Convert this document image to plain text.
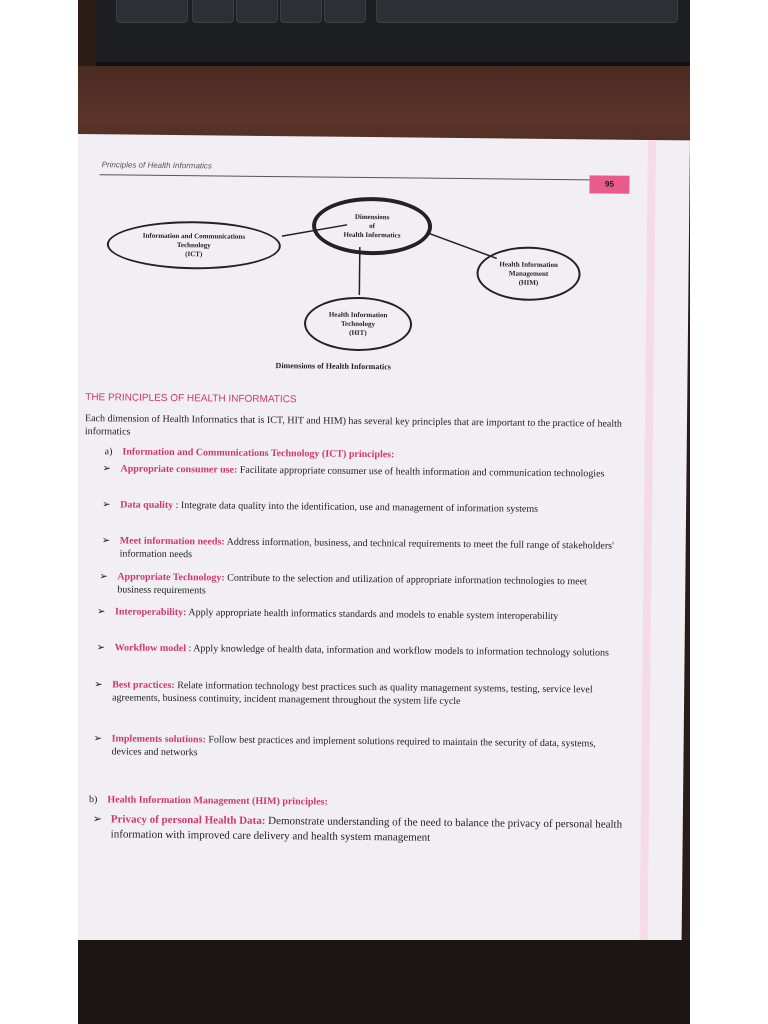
Principles of Health Informatics
95
Dimensions
of
Health Informatics
Information and Communications
Technology
(ICT)
Health Information
Management
(HIM)
Health Information
Technology
(HIT)
Dimensions of Health Informatics
THE PRINCIPLES OF HEALTH INFORMATICS
Each dimension of Health Informatics that is ICT, HIT and HIM) has several key principles that are important to the practice of health informatics
a) Information and Communications Technology (ICT) principles:
➢ Appropriate consumer use: Facilitate appropriate consumer use of health information and communication technologies
➢ Data quality : Integrate data quality into the identification, use and management of information systems
➢ Meet information needs: Address information, business, and technical requirements to meet the full range of stakeholders' information needs
➢ Appropriate Technology: Contribute to the selection and utilization of appropriate information technologies to meet business requirements
➢ Interoperability: Apply appropriate health informatics standards and models to enable system interoperability
➢ Workflow model : Apply knowledge of health data, information and workflow models to information technology solutions
➢ Best practices: Relate information technology best practices such as quality management systems, testing, service level agreements, business continuity, incident management throughout the system life cycle
➢ Implements solutions: Follow best practices and implement solutions required to maintain the security of data, systems, devices and networks
b) Health Information Management (HIM) principles:
➢ Privacy of personal Health Data: Demonstrate understanding of the need to balance the privacy of personal health information with improved care delivery and health system management
